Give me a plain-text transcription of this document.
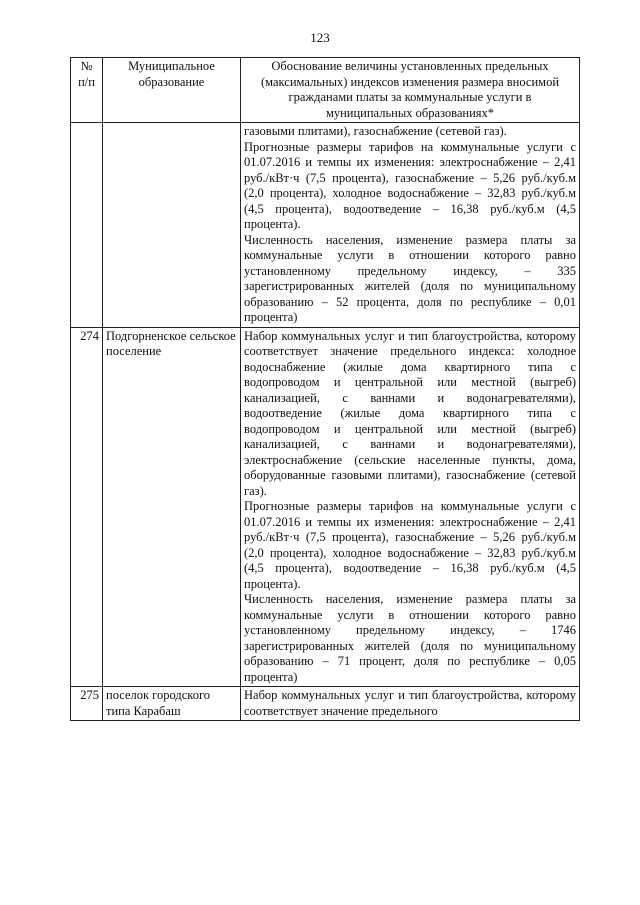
123
№ п/п	Муниципальное образование	Обоснование величины установленных предельных (максимальных) индексов изменения размера вносимой гражданами платы за коммунальные услуги в муниципальных образованиях*

		газовыми плитами), газоснабжение (сетевой газ).

Прогнозные размеры тарифов на коммунальные услуги с 01.07.2016 и темпы их изменения: электроснабжение – 2,41 руб./кВт·ч (7,5 процента), газоснабжение – 5,26 руб./куб.м (2,0 процента), холодное водоснабжение – 32,83 руб./куб.м (4,5 процента), водоотведение – 16,38 руб./куб.м (4,5 процента).

Численность населения, изменение размера платы за коммунальные услуги в отношении которого равно установленному предельному индексу, – 335 зарегистрированных жителей (доля по муниципальному образованию – 52 процента, доля по республике – 0,01 процента)

274	Подгорненское сельское поселение	Набор коммунальных услуг и тип благоустройства, которому соответствует значение предельного индекса: холодное водоснабжение (жилые дома квартирного типа с водопроводом и центральной или местной (выгреб) канализацией, с ваннами и водонагревателями), водоотведение (жилые дома квартирного типа с водопроводом и центральной или местной (выгреб) канализацией, с ваннами и водонагревателями), электроснабжение (сельские населенные пункты, дома, оборудованные газовыми плитами), газоснабжение (сетевой газ).

Прогнозные размеры тарифов на коммунальные услуги с 01.07.2016 и темпы их изменения: электроснабжение – 2,41 руб./кВт·ч (7,5 процента), газоснабжение – 5,26 руб./куб.м (2,0 процента), холодное водоснабжение – 32,83 руб./куб.м (4,5 процента), водоотведение – 16,38 руб./куб.м (4,5 процента).

Численность населения, изменение размера платы за коммунальные услуги в отношении которого равно установленному предельному индексу, – 1746 зарегистрированных жителей (доля по муниципальному образованию – 71 процент, доля по республике – 0,05 процента)

275	поселок городского типа Карабаш	Набор коммунальных услуг и тип благоустройства, которому соответствует значение предельного
